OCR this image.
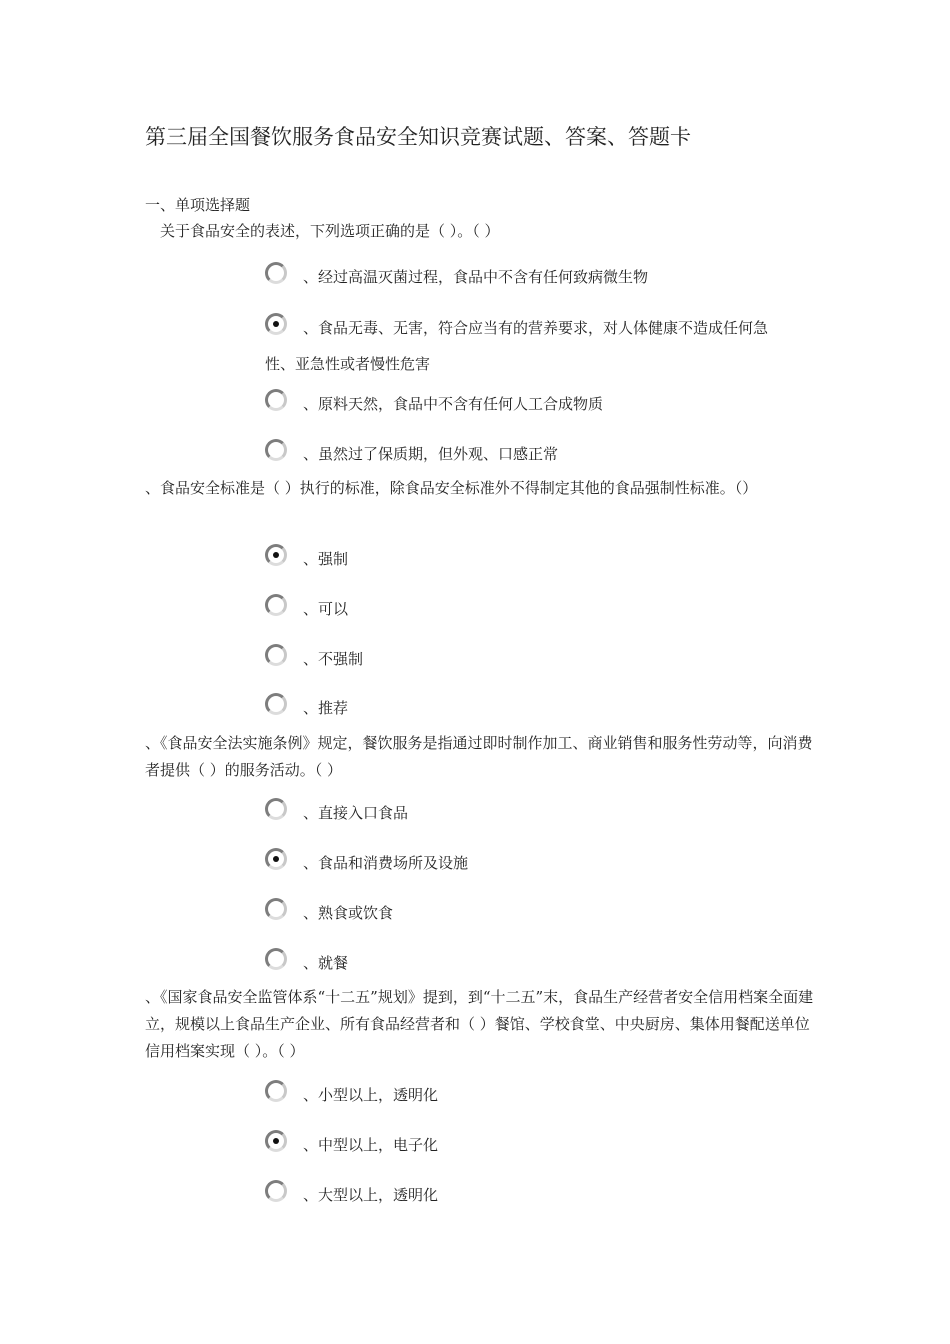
第三届全国餐饮服务食品安全知识竞赛试题、答案、答题卡
一、单项选择题
关于食品安全的表述，下列选项正确的是（ ）。（ ）
、经过高温灭菌过程，食品中不含有任何致病微生物
、食品无毒、无害，符合应当有的营养要求，对人体健康不造成任何急性、亚急性或者慢性危害
、原料天然，食品中不含有任何人工合成物质
、虽然过了保质期，但外观、口感正常
、食品安全标准是（ ）执行的标准，除食品安全标准外不得制定其他的食品强制性标准。（）
、强制
、可以
、不强制
、推荐
、《食品安全法实施条例》规定，餐饮服务是指通过即时制作加工、商业销售和服务性劳动等，向消费者提供（ ）的服务活动。（ ）
、直接入口食品
、食品和消费场所及设施
、熟食或饮食
、就餐
、《国家食品安全监管体系“十二五”规划》提到，到“十二五”末，食品生产经营者安全信用档案全面建立，规模以上食品生产企业、所有食品经营者和（ ）餐馆、学校食堂、中央厨房、集体用餐配送单位信用档案实现（ ）。（ ）
、小型以上，透明化
、中型以上，电子化
、大型以上，透明化
